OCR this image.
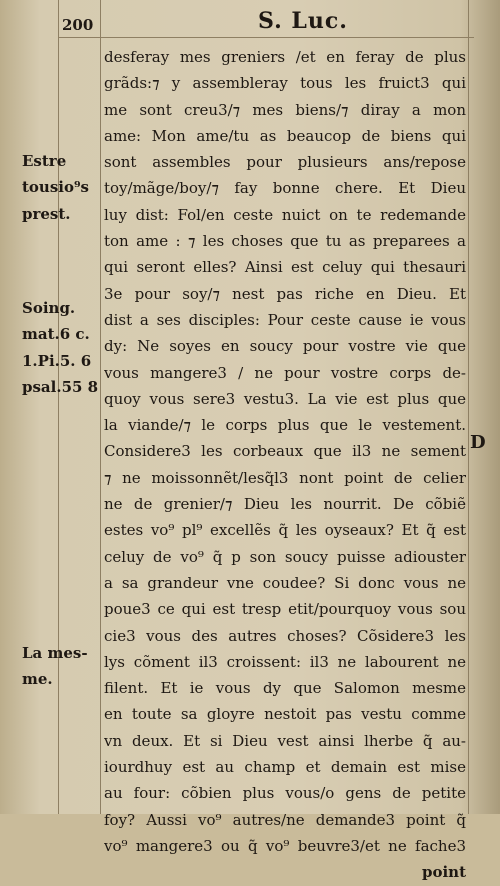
200	S. Luc.
Estre
tousio⁹s
prest.
Soing.
mat.6 c.
1.Pi.5. 6
psal.55 8
La mes-
me.
D
desferay mes greniers /et en feray de plus
grãds:⁊ y assembleray tous les fruict3 qui
me sont creu3/⁊ mes biens/⁊ diray a mon
ame: Mon ame/tu as beaucop de biens qui
sont assembles pour plusieurs ans/repose
toy/mãge/boy/⁊ fay bonne chere. Et Dieu
luy dist: Fol/en ceste nuict on te redemande
ton ame : ⁊ les choses que tu as preparees a
qui seront elles? Ainsi est celuy qui thesauri
3e pour soy/⁊ nest pas riche en Dieu. Et
dist a ses disciples: Pour ceste cause ie vous
dy: Ne soyes en soucy pour vostre vie que
vous mangere3 / ne pour vostre corps de-
quoy vous sere3 vestu3. La vie est plus que
la viande/⁊ le corps plus que le vestement.
Considere3 les corbeaux que il3 ne sement
⁊ ne moissonnẽt/lesq̃l3 nont point de celier
ne de grenier/⁊ Dieu les nourrit. De cõbiẽ
estes vo⁹ pl⁹ excellẽs q̃ les oyseaux? Et q̃ est
celuy de vo⁹ q̃ p son soucy puisse adiouster
a sa grandeur vne coudee? Si donc vous ne
poue3 ce qui est tresp etit/pourquoy vous sou
cie3 vous des autres choses? Cõsidere3 les
lys cõment il3 croissent: il3 ne labourent ne
filent. Et ie vous dy que Salomon mesme
en toute sa gloyre nestoit pas vestu comme
vn deux. Et si Dieu vest ainsi lherbe q̃ au-
iourdhuy est au champ et demain est mise
au four: cõbien plus vous/o gens de petite
foy? Aussi vo⁹ autres/ne demande3 point q̃
vo⁹ mangere3 ou q̃ vo⁹ beuvre3/et ne fache3
point
